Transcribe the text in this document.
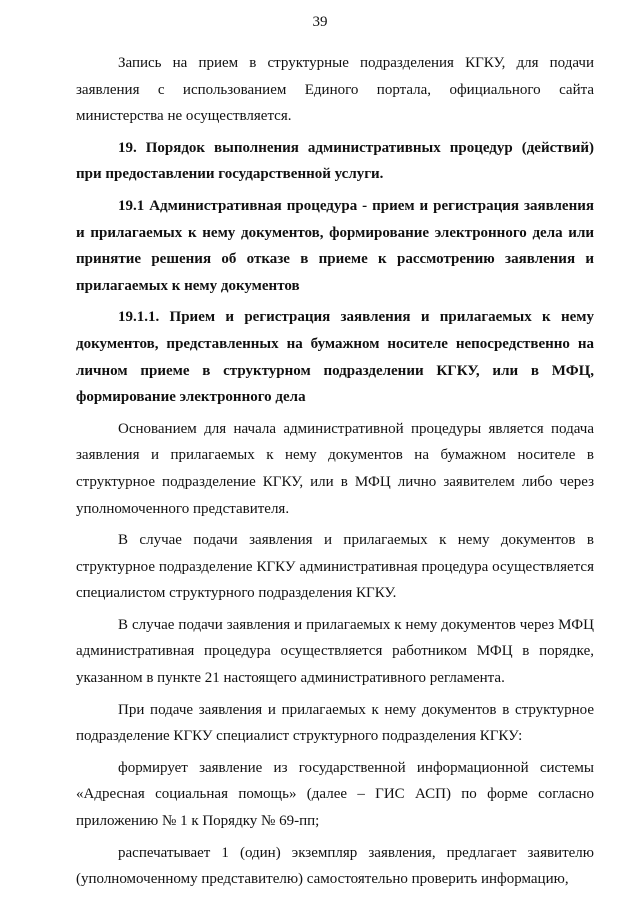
39

Запись на прием в структурные подразделения КГКУ, для подачи заявления с использованием Единого портала, официального сайта министерства не осуществляется.

19. Порядок выполнения административных процедур (действий) при предоставлении государственной услуги.

19.1 Административная процедура - прием и регистрация заявления и прилагаемых к нему документов, формирование электронного дела или принятие решения об отказе в приеме к рассмотрению заявления и прилагаемых к нему документов

19.1.1. Прием и регистрация заявления и прилагаемых к нему документов, представленных на бумажном носителе непосредственно на личном приеме в структурном подразделении КГКУ, или в МФЦ, формирование электронного дела

Основанием для начала административной процедуры является подача заявления и прилагаемых к нему документов на бумажном носителе в структурное подразделение КГКУ, или в МФЦ лично заявителем либо через уполномоченного представителя.

В случае подачи заявления и прилагаемых к нему документов в структурное подразделение КГКУ административная процедура осуществляется специалистом структурного подразделения КГКУ.

В случае подачи заявления и прилагаемых к нему документов через МФЦ административная процедура осуществляется работником МФЦ в порядке, указанном в пункте 21 настоящего административного регламента.

При подаче заявления и прилагаемых к нему документов в структурное подразделение КГКУ специалист структурного подразделения КГКУ:

формирует заявление из государственной информационной системы «Адресная социальная помощь» (далее – ГИС АСП) по форме согласно приложению № 1 к Порядку № 69-пп;

распечатывает 1 (один) экземпляр заявления, предлагает заявителю (уполномоченному представителю) самостоятельно проверить информацию,
